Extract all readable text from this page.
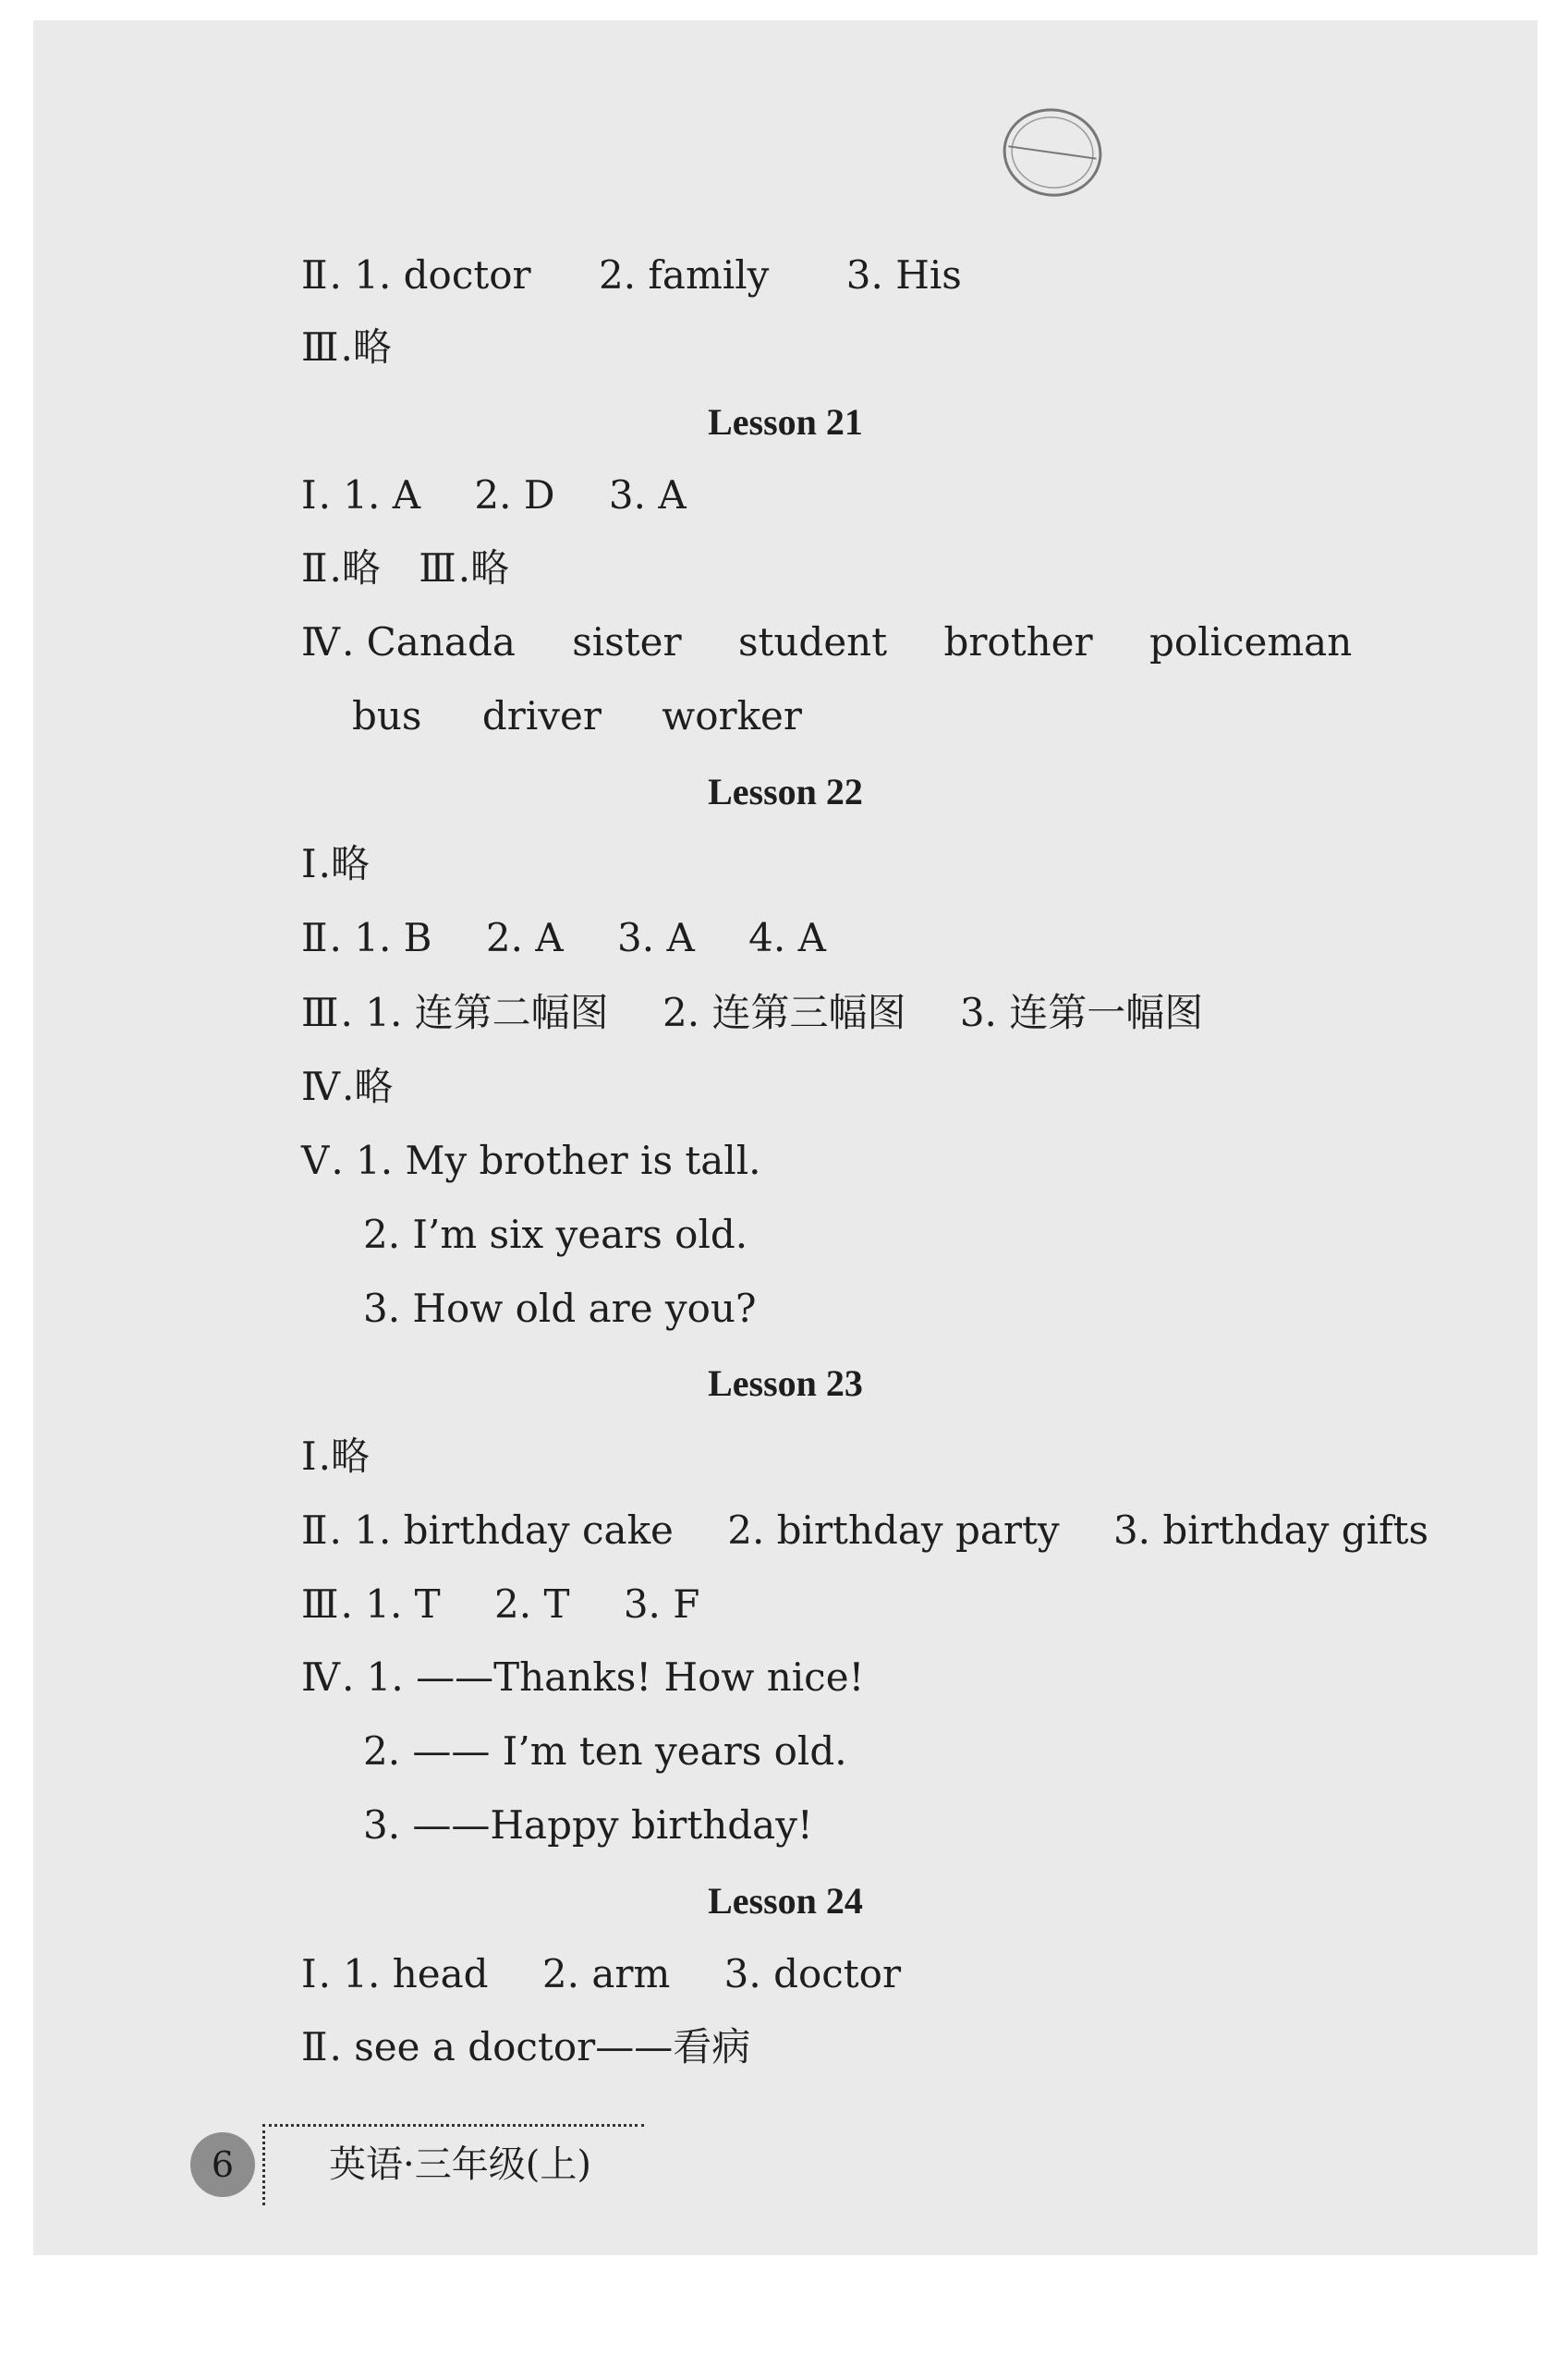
Ⅱ. 1. doctor 2. family 3. His
Ⅲ.略
Lesson 21
Ⅰ. 1. A 2. D 3. A
Ⅱ.略 Ⅲ.略
Ⅳ. Canada sister student brother policeman
bus driver worker
Lesson 22
Ⅰ.略
Ⅱ. 1. B 2. A 3. A 4. A
Ⅲ. 1. 连第二幅图 2. 连第三幅图 3. 连第一幅图
Ⅳ.略
Ⅴ. 1. My brother is tall.
2. I’m six years old.
3. How old are you?
Lesson 23
Ⅰ.略
Ⅱ. 1. birthday cake 2. birthday party 3. birthday gifts
Ⅲ. 1. T 2. T 3. F
Ⅳ. 1. ——Thanks! How nice!
2. —— I’m ten years old.
3. ——Happy birthday!
Lesson 24
Ⅰ. 1. head 2. arm 3. doctor
Ⅱ. see a doctor——看病
6	英语·三年级(上)
